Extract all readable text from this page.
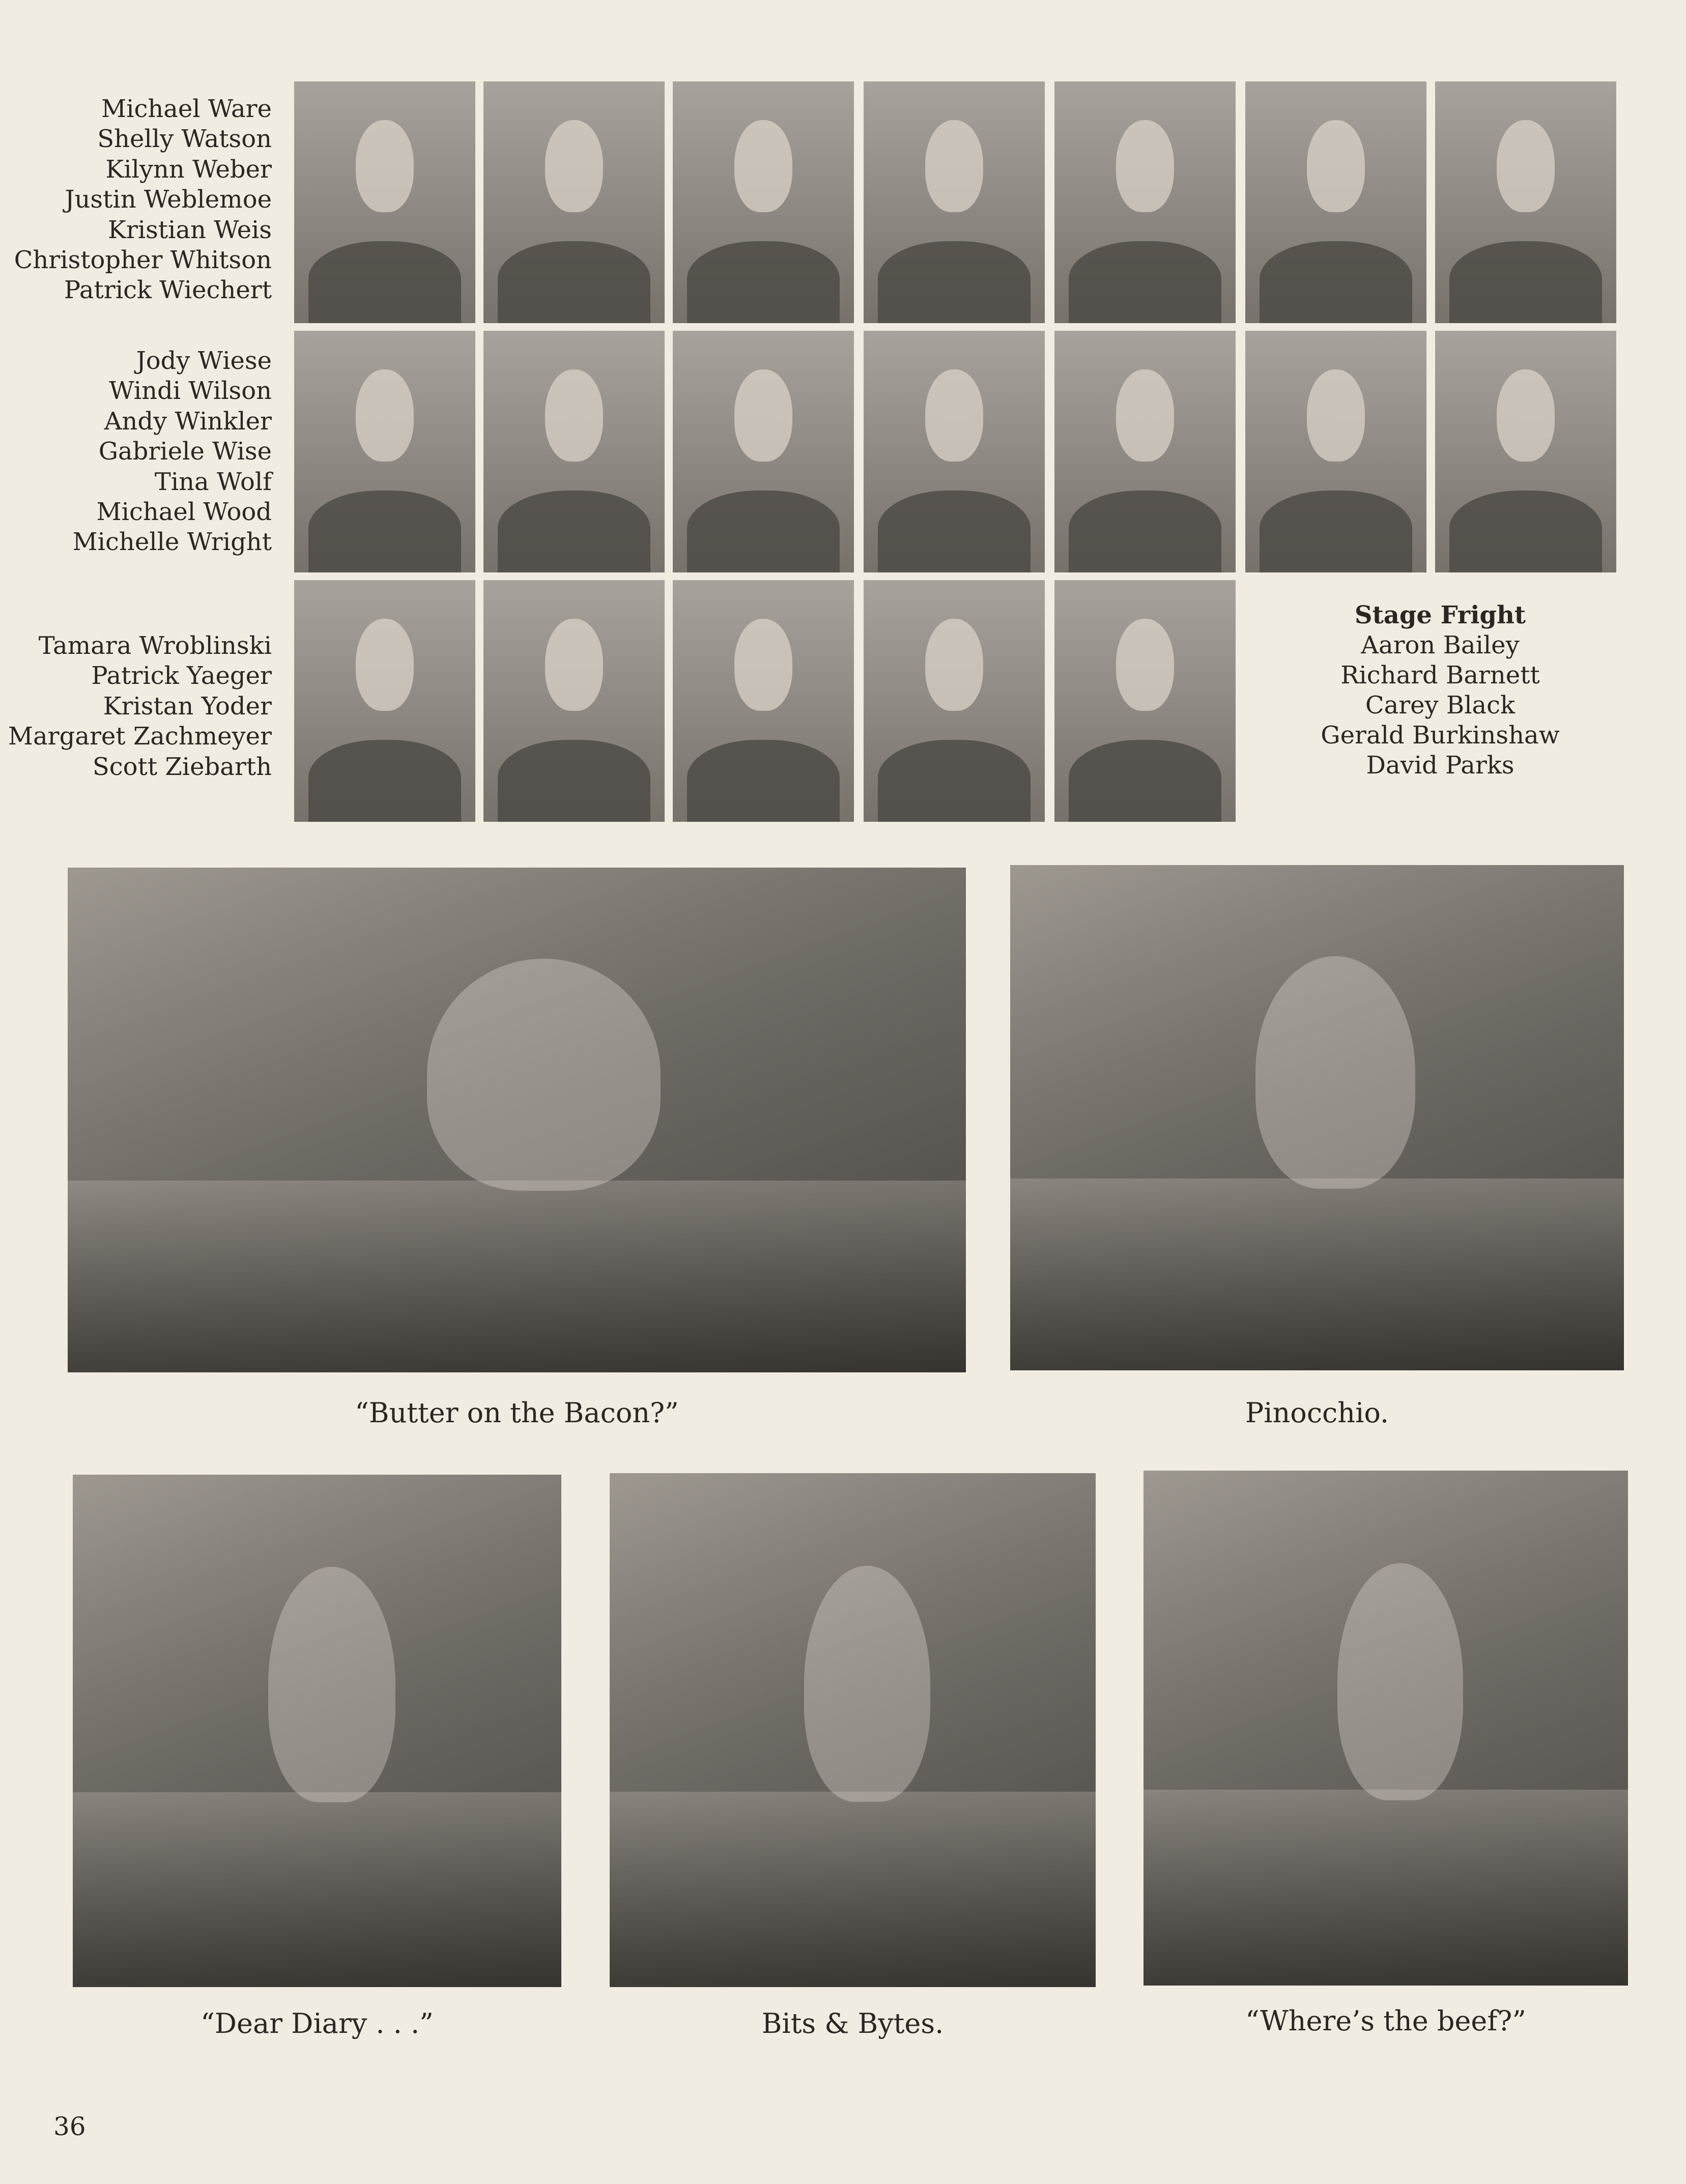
Michael Ware
Shelly Watson
Kilynn Weber
Justin Weblemoe
Kristian Weis
Christopher Whitson
Patrick Wiechert
Jody Wiese
Windi Wilson
Andy Winkler
Gabriele Wise
Tina Wolf
Michael Wood
Michelle Wright
Tamara Wroblinski
Patrick Yaeger
Kristan Yoder
Margaret Zachmeyer
Scott Ziebarth
Stage Fright
Aaron Bailey
Richard Barnett
Carey Black
Gerald Burkinshaw
David Parks
“Butter on the Bacon?”	Pinocchio.
“Dear Diary . . .”	Bits & Bytes.	“Where’s the beef?”
36
